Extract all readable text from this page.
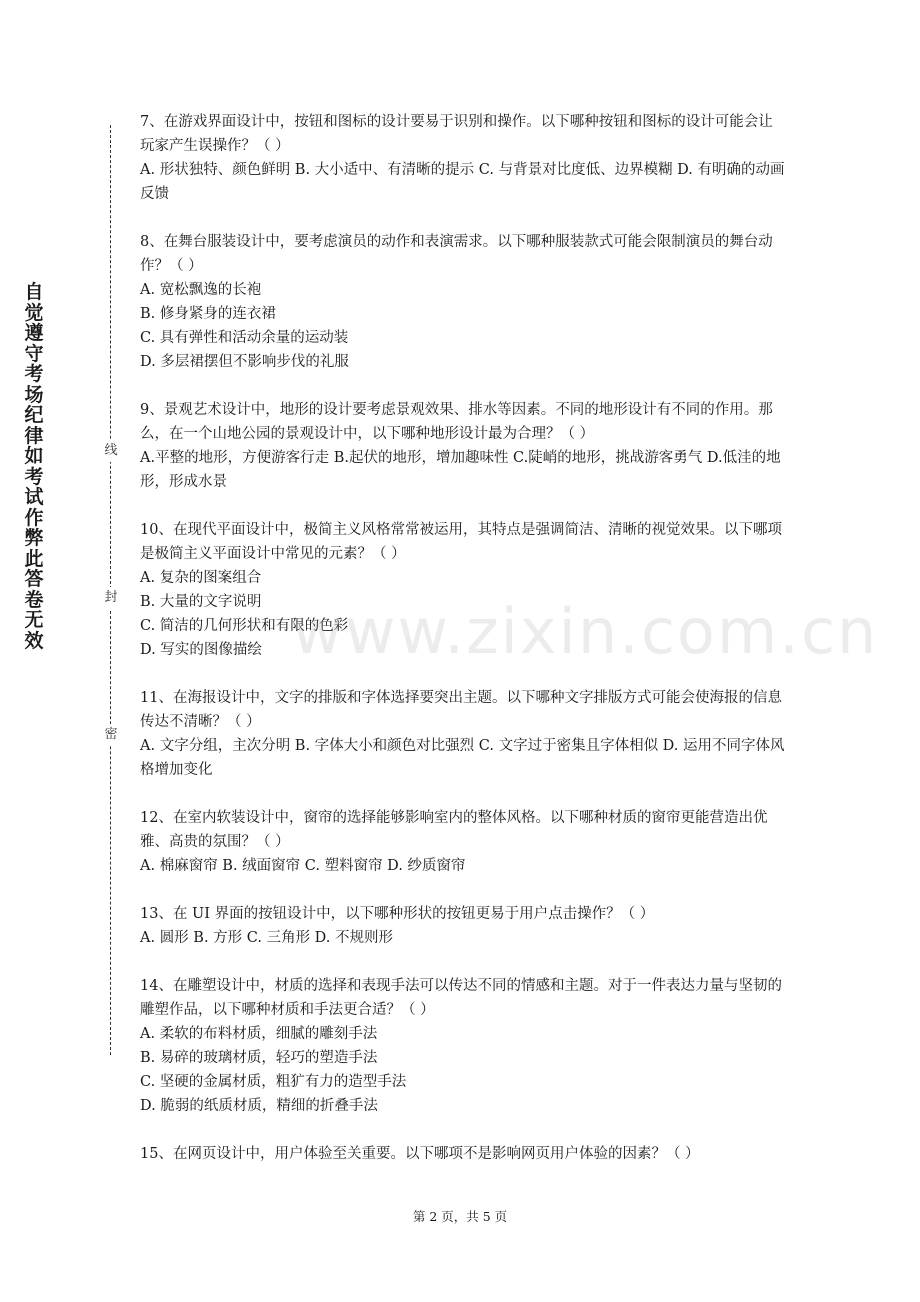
自觉遵守考场纪律如考试作弊此答卷无效
线
封
密

7、在游戏界面设计中，按钮和图标的设计要易于识别和操作。以下哪种按钮和图标的设计可能会让玩家产生误操作？（ ）

A. 形状独特、颜色鲜明 B. 大小适中、有清晰的提示 C. 与背景对比度低、边界模糊 D. 有明确的动画反馈

8、在舞台服装设计中，要考虑演员的动作和表演需求。以下哪种服装款式可能会限制演员的舞台动作？（ ）

A. 宽松飘逸的长袍

B. 修身紧身的连衣裙

C. 具有弹性和活动余量的运动装

D. 多层裙摆但不影响步伐的礼服

9、景观艺术设计中，地形的设计要考虑景观效果、排水等因素。不同的地形设计有不同的作用。那么，在一个山地公园的景观设计中，以下哪种地形设计最为合理？（ ）

A.平整的地形，方便游客行走 B.起伏的地形，增加趣味性 C.陡峭的地形，挑战游客勇气 D.低洼的地形，形成水景

10、在现代平面设计中，极简主义风格常常被运用，其特点是强调简洁、清晰的视觉效果。以下哪项是极简主义平面设计中常见的元素？（ ）

A. 复杂的图案组合

B. 大量的文字说明

C. 简洁的几何形状和有限的色彩

D. 写实的图像描绘

11、在海报设计中，文字的排版和字体选择要突出主题。以下哪种文字排版方式可能会使海报的信息传达不清晰？（ ）

A. 文字分组，主次分明 B. 字体大小和颜色对比强烈 C. 文字过于密集且字体相似 D. 运用不同字体风格增加变化

12、在室内软装设计中，窗帘的选择能够影响室内的整体风格。以下哪种材质的窗帘更能营造出优雅、高贵的氛围？（ ）

A. 棉麻窗帘 B. 绒面窗帘 C. 塑料窗帘 D. 纱质窗帘

13、在 UI 界面的按钮设计中，以下哪种形状的按钮更易于用户点击操作？（ ）

A. 圆形 B. 方形 C. 三角形 D. 不规则形

14、在雕塑设计中，材质的选择和表现手法可以传达不同的情感和主题。对于一件表达力量与坚韧的雕塑作品，以下哪种材质和手法更合适？（ ）

A. 柔软的布料材质，细腻的雕刻手法

B. 易碎的玻璃材质，轻巧的塑造手法

C. 坚硬的金属材质，粗犷有力的造型手法

D. 脆弱的纸质材质，精细的折叠手法

15、在网页设计中，用户体验至关重要。以下哪项不是影响网页用户体验的因素？（ ）

www.zixin.com.cn
第 2 页，共 5 页
